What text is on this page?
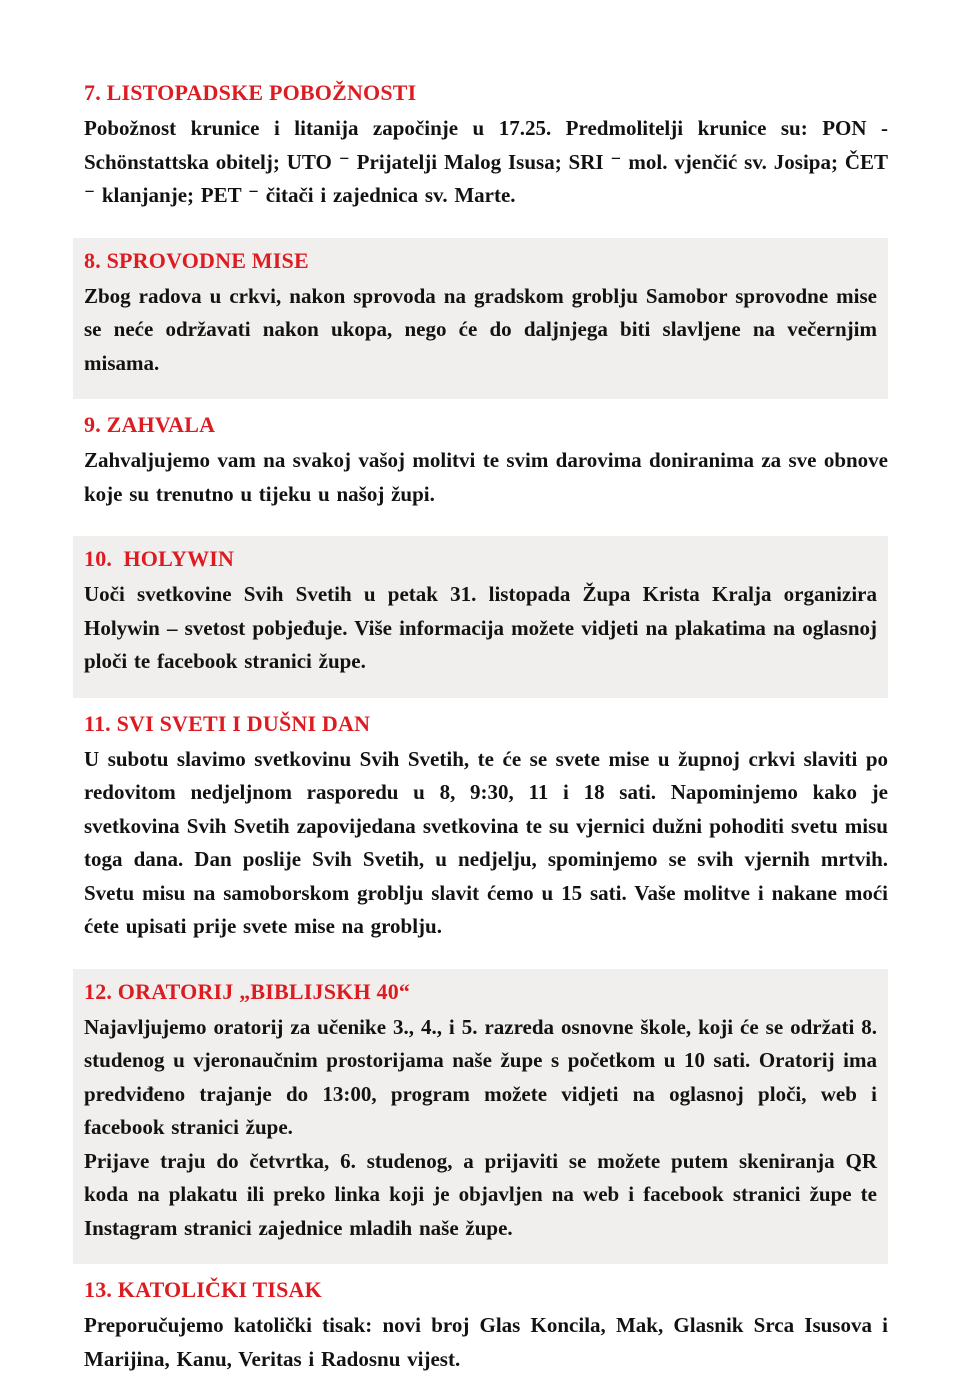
7. LISTOPADSKE POBOŽNOSTI

Pobožnost krunice i litanija započinje u 17.25. Predmolitelji krunice su: PON - Schönstattska obitelj; UTO ⁻ Prijatelji Malog Isusa; SRI ⁻ mol. vjenčić sv. Josipa; ČET ⁻ klanjanje; PET ⁻ čitači i zajednica sv. Marte.

8. SPROVODNE MISE

Zbog radova u crkvi, nakon sprovoda na gradskom groblju Samobor sprovodne mise se neće održavati nakon ukopa, nego će do daljnjega biti slavljene na večernjim misama.

9. ZAHVALA

Zahvaljujemo vam na svakoj vašoj molitvi te svim darovima doniranima za sve obnove koje su trenutno u tijeku u našoj župi.

10.  HOLYWIN

Uoči svetkovine Svih Svetih u petak 31. listopada Župa Krista Kralja organizira Holywin – svetost pobjeđuje. Više informacija možete vidjeti na plakatima na oglasnoj ploči te facebook stranici župe.

11. SVI SVETI I DUŠNI DAN

U subotu slavimo svetkovinu Svih Svetih, te će se svete mise u župnoj crkvi slaviti po redovitom nedjeljnom rasporedu u 8, 9:30, 11 i 18 sati. Napominjemo kako je svetkovina Svih Svetih zapovijedana svetkovina te su vjernici dužni pohoditi svetu misu toga dana. Dan poslije Svih Svetih, u nedjelju, spominjemo se svih vjernih mrtvih. Svetu misu na samoborskom groblju slavit ćemo u 15 sati. Vaše molitve i nakane moći ćete upisati prije svete mise na groblju.

12. ORATORIJ „BIBLIJSKH 40“

Najavljujemo oratorij za učenike 3., 4., i 5. razreda osnovne škole, koji će se održati 8. studenog u vjeronaučnim prostorijama naše župe s početkom u 10 sati. Oratorij ima predviđeno trajanje do 13:00, program možete vidjeti na oglasnoj ploči, web i facebook stranici župe.

Prijave traju do četvrtka, 6. studenog, a prijaviti se možete putem skeniranja QR koda na plakatu ili preko linka koji je objavljen na web i facebook stranici župe te Instagram stranici zajednice mladih naše župe.

13. KATOLIČKI TISAK

Preporučujemo katolički tisak: novi broj Glas Koncila, Mak, Glasnik Srca Isusova i Marijina, Kanu, Veritas i Radosnu vijest.
